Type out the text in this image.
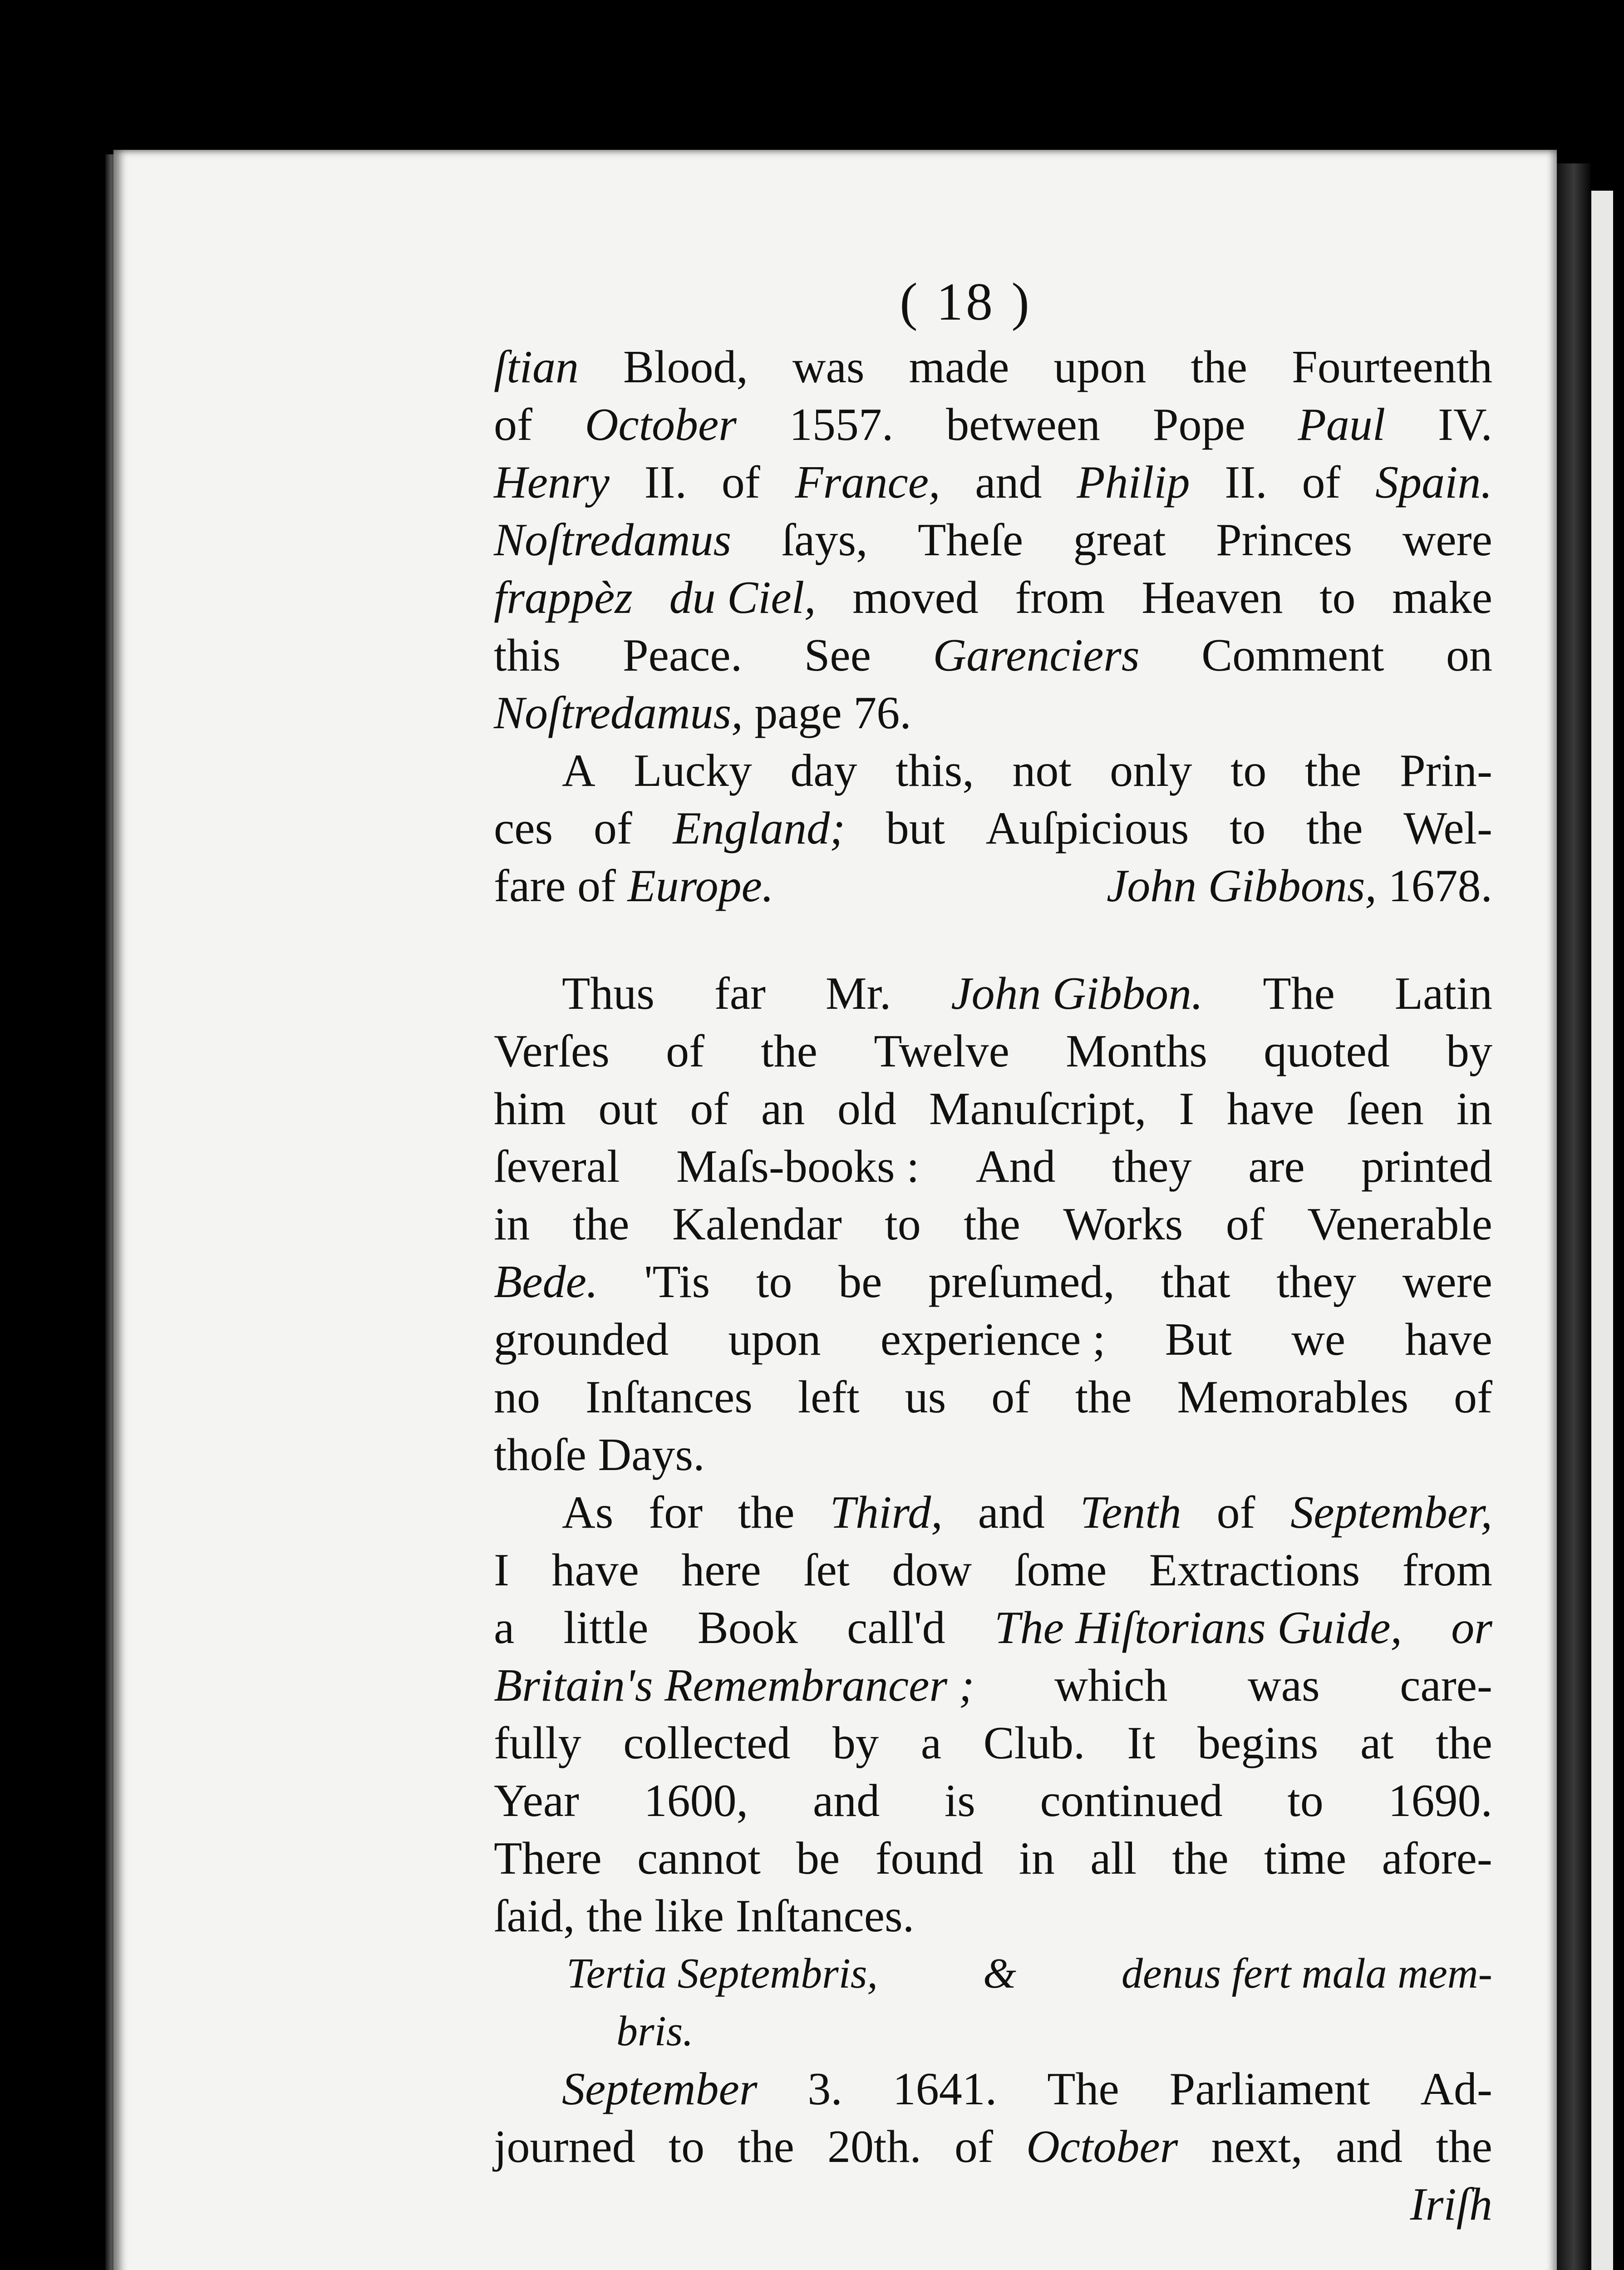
( 18 )
ſtian Blood, was made upon the Fourteenth
of October 1557. between Pope Paul IV.
Henry II. of France, and Philip II. of Spain.
Noſtredamus ſays, Theſe great Princes were
frappèz du Ciel, moved from Heaven to make
this Peace. See Garenciers Comment on
Noſtredamus,
page
76.
A Lucky day this, not only to the Prin-
ces of England; but Auſpicious to the Wel-
fare of Europe.	John Gibbons, 1678.
Thus far Mr. John Gibbon. The Latin
Verſes of the Twelve Months quoted by
him out of an old Manuſcript, I have ſeen in
ſeveral Maſs-books : And they are printed
in the Kalendar to the Works of Venerable
Bede. 'Tis to be preſumed, that they were
grounded upon experience ; But we have
no Inſtances left us of the Memorables of
thoſe
Days.
As for the Third, and Tenth of September,
I have here ſet dow ſome Extractions from
a little Book call'd The Hiſtorians Guide, or
Britain's Remembrancer ; which was care-
fully collected by a Club. It begins at the
Year 1600, and is continued to 1690.
There cannot be found in all the time afore-
ſaid,
the
like
Inſtances.
Tertia Septembris, & denus fert mala mem-
bris.
September 3. 1641. The Parliament Ad-
journed to the 20th. of October next, and the
Iriſh
